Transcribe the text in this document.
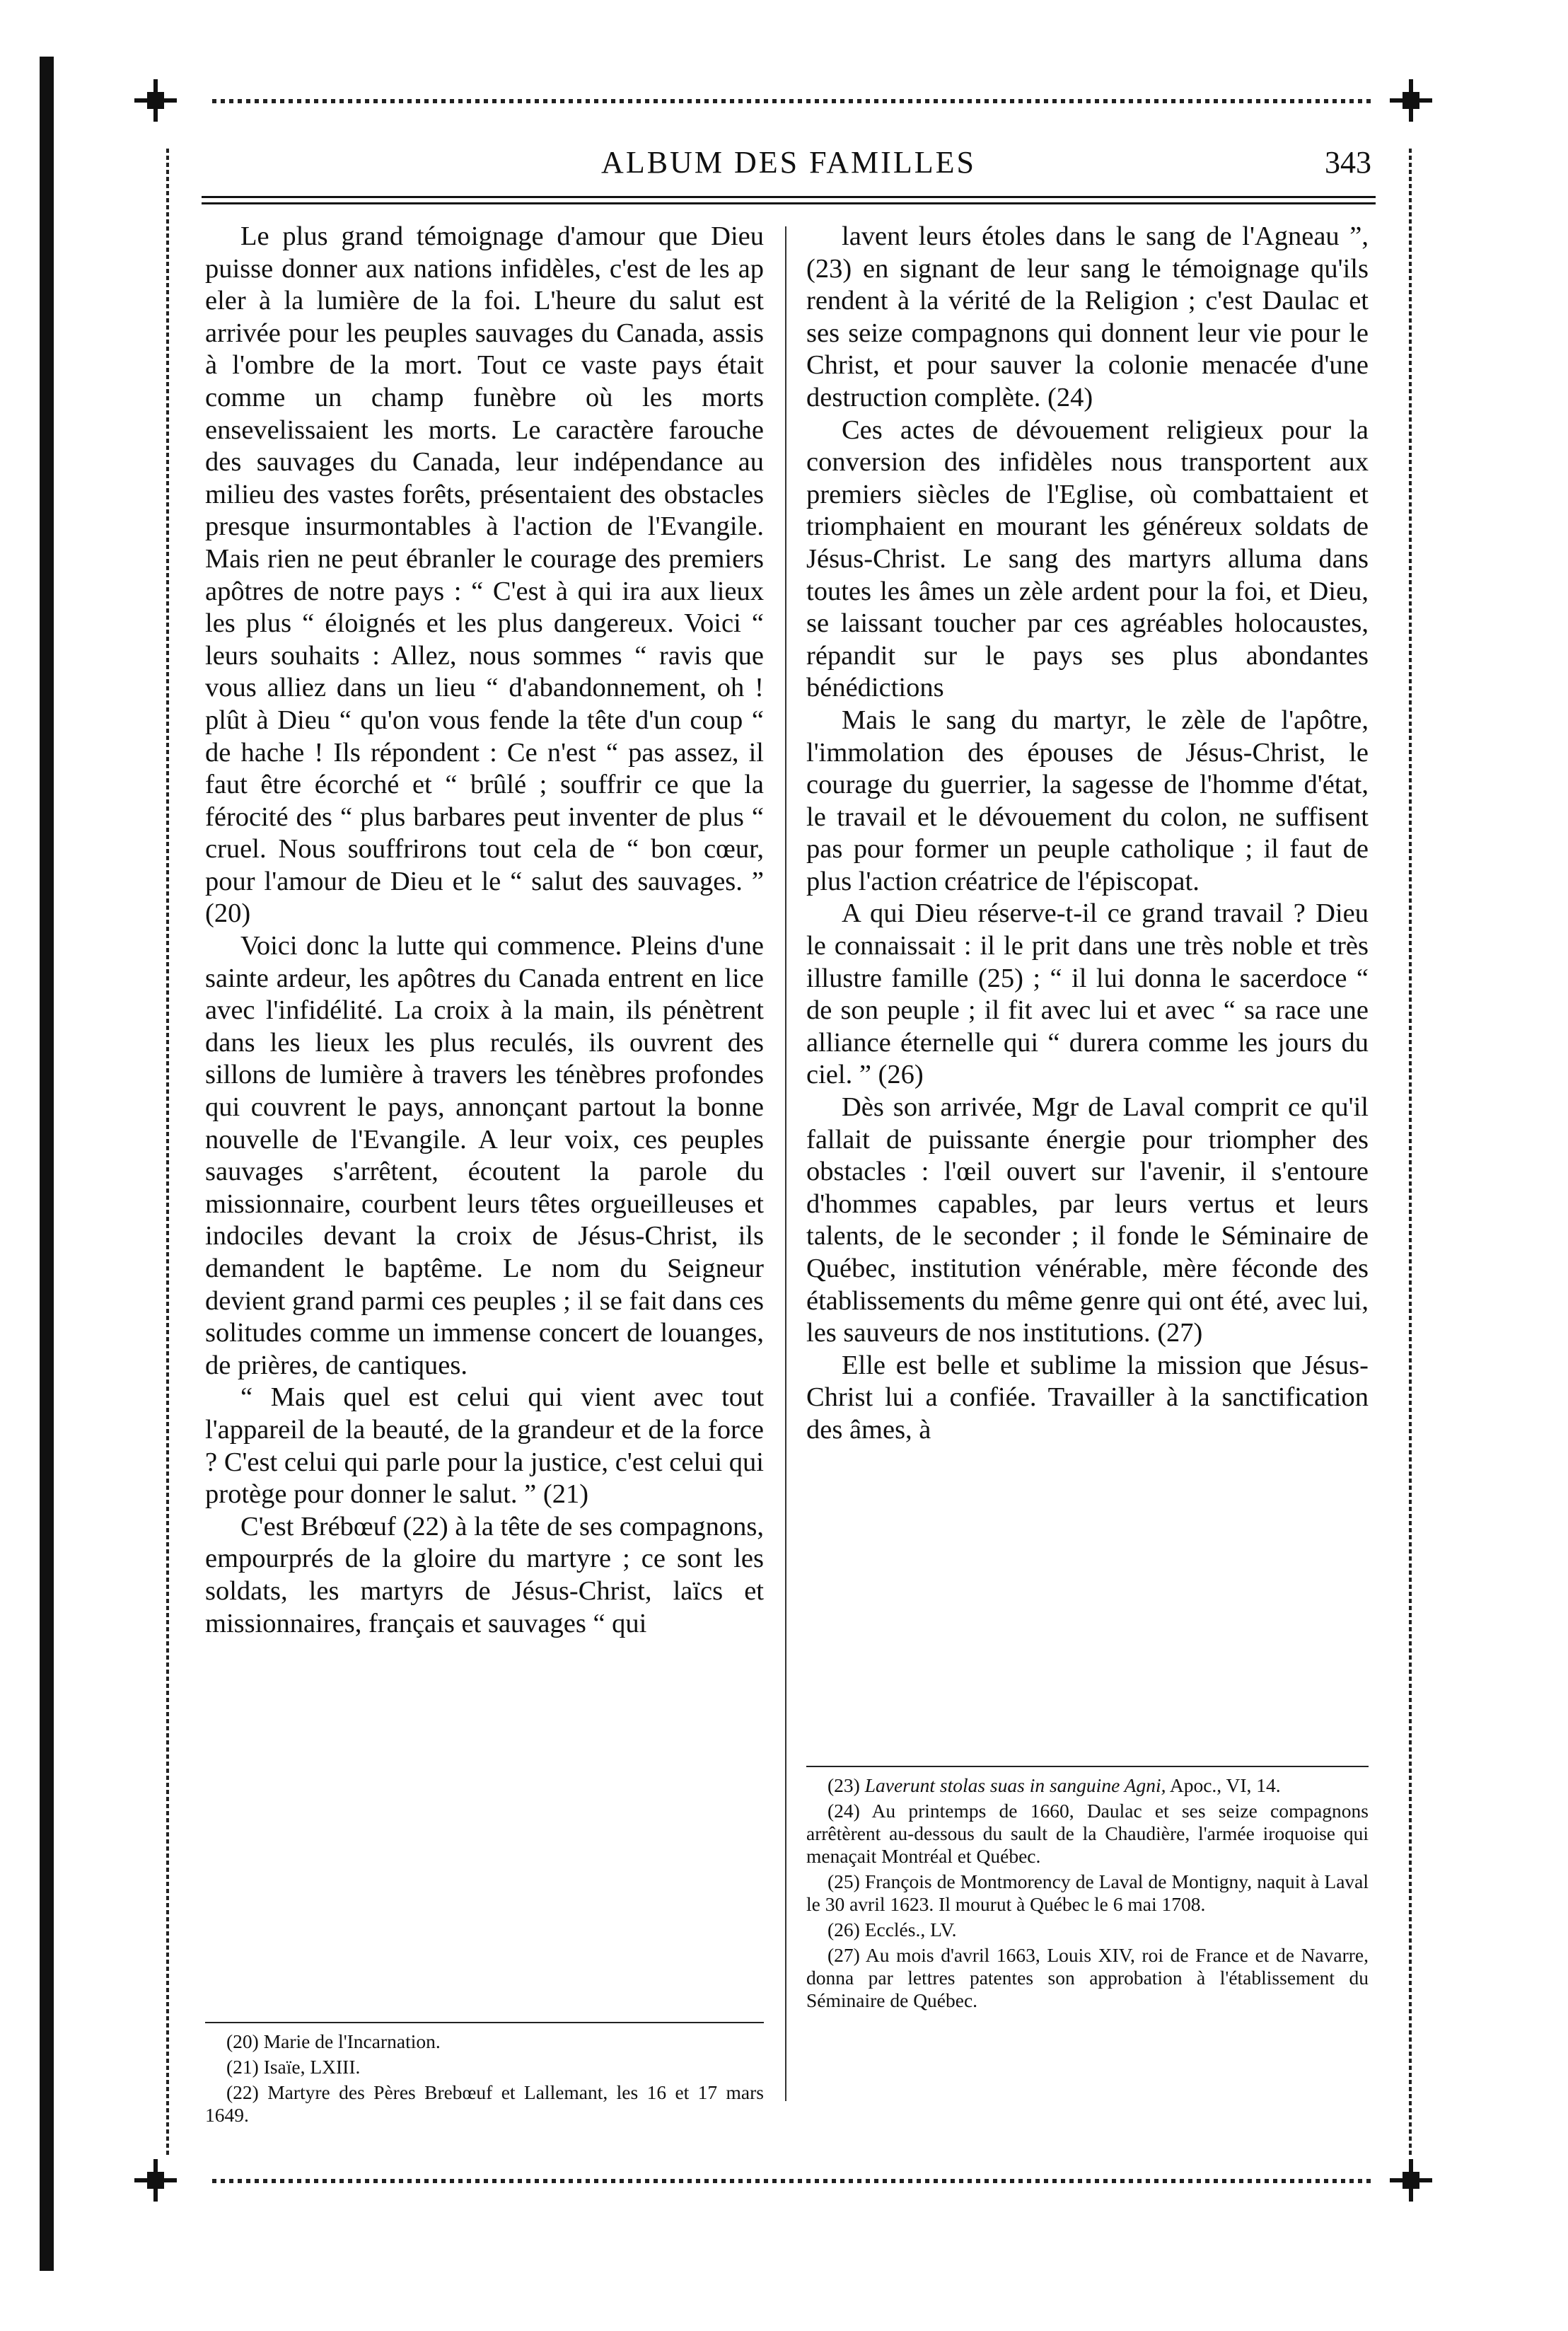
ALBUM DES FAMILLES	343

Le plus grand témoignage d'amour que Dieu puisse donner aux nations infidèles, c'est de les ap eler à la lumière de la foi. L'heure du salut est arrivée pour les peuples sauvages du Canada, assis à l'ombre de la mort. Tout ce vaste pays était comme un champ funèbre où les morts ensevelissaient les morts. Le caractère farouche des sauvages du Canada, leur indépendance au milieu des vastes forêts, présentaient des obstacles presque insurmontables à l'action de l'Evangile. Mais rien ne peut ébranler le courage des premiers apôtres de notre pays : “ C'est à qui ira aux lieux les plus “ éloignés et les plus dangereux. Voici “ leurs souhaits : Allez, nous sommes “ ravis que vous alliez dans un lieu “ d'abandonnement, oh ! plût à Dieu “ qu'on vous fende la tête d'un coup “ de hache ! Ils répondent : Ce n'est “ pas assez, il faut être écorché et “ brûlé ; souffrir ce que la férocité des “ plus barbares peut inventer de plus “ cruel. Nous souffrirons tout cela de “ bon cœur, pour l'amour de Dieu et le “ salut des sauvages. ” (20)

Voici donc la lutte qui commence. Pleins d'une sainte ardeur, les apôtres du Canada entrent en lice avec l'infidélité. La croix à la main, ils pénètrent dans les lieux les plus reculés, ils ouvrent des sillons de lumière à travers les ténèbres profondes qui couvrent le pays, annonçant partout la bonne nouvelle de l'Evangile. A leur voix, ces peuples sauvages s'arrêtent, écoutent la parole du missionnaire, courbent leurs têtes orgueilleuses et indociles devant la croix de Jésus-Christ, ils demandent le baptême. Le nom du Seigneur devient grand parmi ces peuples ; il se fait dans ces solitudes comme un immense concert de louanges, de prières, de cantiques.

“ Mais quel est celui qui vient avec tout l'appareil de la beauté, de la grandeur et de la force ? C'est celui qui parle pour la justice, c'est celui qui protège pour donner le salut. ” (21)

C'est Brébœuf (22) à la tête de ses compagnons, empourprés de la gloire du martyre ; ce sont les soldats, les martyrs de Jésus-Christ, laïcs et missionnaires, français et sauvages “ qui

lavent leurs étoles dans le sang de l'Agneau ”, (23) en signant de leur sang le témoignage qu'ils rendent à la vérité de la Religion ; c'est Daulac et ses seize compagnons qui donnent leur vie pour le Christ, et pour sauver la colonie menacée d'une destruction complète. (24)

Ces actes de dévouement religieux pour la conversion des infidèles nous transportent aux premiers siècles de l'Eglise, où combattaient et triomphaient en mourant les généreux soldats de Jésus-Christ. Le sang des martyrs alluma dans toutes les âmes un zèle ardent pour la foi, et Dieu, se laissant toucher par ces agréables holocaustes, répandit sur le pays ses plus abondantes bénédictions

Mais le sang du martyr, le zèle de l'apôtre, l'immolation des épouses de Jésus-Christ, le courage du guerrier, la sagesse de l'homme d'état, le travail et le dévouement du colon, ne suffisent pas pour former un peuple catholique ; il faut de plus l'action créatrice de l'épiscopat.

A qui Dieu réserve-t-il ce grand travail ? Dieu le connaissait : il le prit dans une très noble et très illustre famille (25) ; “ il lui donna le sacerdoce “ de son peuple ; il fit avec lui et avec “ sa race une alliance éternelle qui “ durera comme les jours du ciel. ” (26)

Dès son arrivée, Mgr de Laval comprit ce qu'il fallait de puissante énergie pour triompher des obstacles : l'œil ouvert sur l'avenir, il s'entoure d'hommes capables, par leurs vertus et leurs talents, de le seconder ; il fonde le Séminaire de Québec, institution vénérable, mère féconde des établissements du même genre qui ont été, avec lui, les sauveurs de nos institutions. (27)

Elle est belle et sublime la mission que Jésus-Christ lui a confiée. Travailler à la sanctification des âmes, à

(20) Marie de l'Incarnation.

(21) Isaïe, LXIII.

(22) Martyre des Pères Brebœuf et Lallemant, les 16 et 17 mars 1649.

(23) Laverunt stolas suas in sanguine Agni, Apoc., VI, 14.

(24) Au printemps de 1660, Daulac et ses seize compagnons arrêtèrent au-dessous du sault de la Chaudière, l'armée iroquoise qui menaçait Montréal et Québec.

(25) François de Montmorency de Laval de Montigny, naquit à Laval le 30 avril 1623. Il mourut à Québec le 6 mai 1708.

(26) Ecclés., LV.

(27) Au mois d'avril 1663, Louis XIV, roi de France et de Navarre, donna par lettres patentes son approbation à l'établissement du Séminaire de Québec.
